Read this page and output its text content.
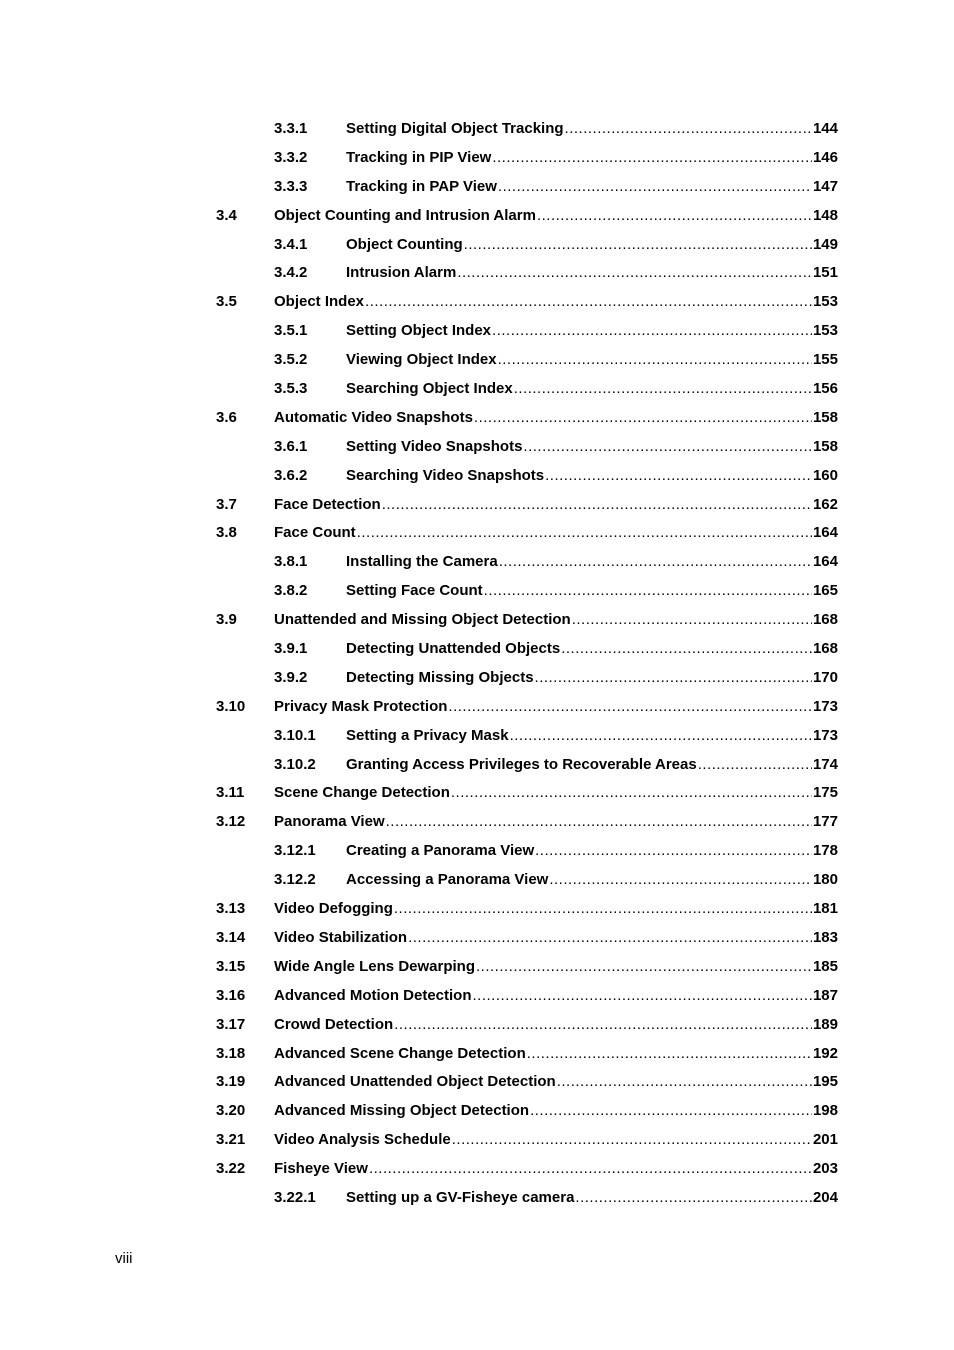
3.3.1	Setting Digital Object Tracking .....	144
3.3.2	Tracking in PIP View .....	146
3.3.3	Tracking in PAP View .....	147
3.4 Object Counting and Intrusion Alarm .....	148
3.4.1	Object Counting .....	149
3.4.2	Intrusion Alarm .....	151
3.5 Object Index .....	153
3.5.1	Setting Object Index .....	153
3.5.2	Viewing Object Index .....	155
3.5.3	Searching Object Index .....	156
3.6 Automatic Video Snapshots .....	158
3.6.1	Setting Video Snapshots .....	158
3.6.2	Searching Video Snapshots .....	160
3.7 Face Detection .....	162
3.8 Face Count .....	164
3.8.1	Installing the Camera .....	164
3.8.2	Setting Face Count .....	165
3.9 Unattended and Missing Object Detection .....	168
3.9.1	Detecting Unattended Objects .....	168
3.9.2	Detecting Missing Objects .....	170
3.10 Privacy Mask Protection .....	173
3.10.1 Setting a Privacy Mask .....	173
3.10.2 Granting Access Privileges to Recoverable Areas .....	174
3.11 Scene Change Detection .....	175
3.12 Panorama View .....	177
3.12.1 Creating a Panorama View .....	178
3.12.2 Accessing a Panorama View .....	180
3.13 Video Defogging .....	181
3.14 Video Stabilization .....	183
3.15 Wide Angle Lens Dewarping .....	185
3.16 Advanced Motion Detection .....	187
3.17 Crowd Detection .....	189
3.18 Advanced Scene Change Detection .....	192
3.19 Advanced Unattended Object Detection .....	195
3.20 Advanced Missing Object Detection .....	198
3.21 Video Analysis Schedule .....	201
3.22 Fisheye View .....	203
3.22.1 Setting up a GV-Fisheye camera .....	204
viii
